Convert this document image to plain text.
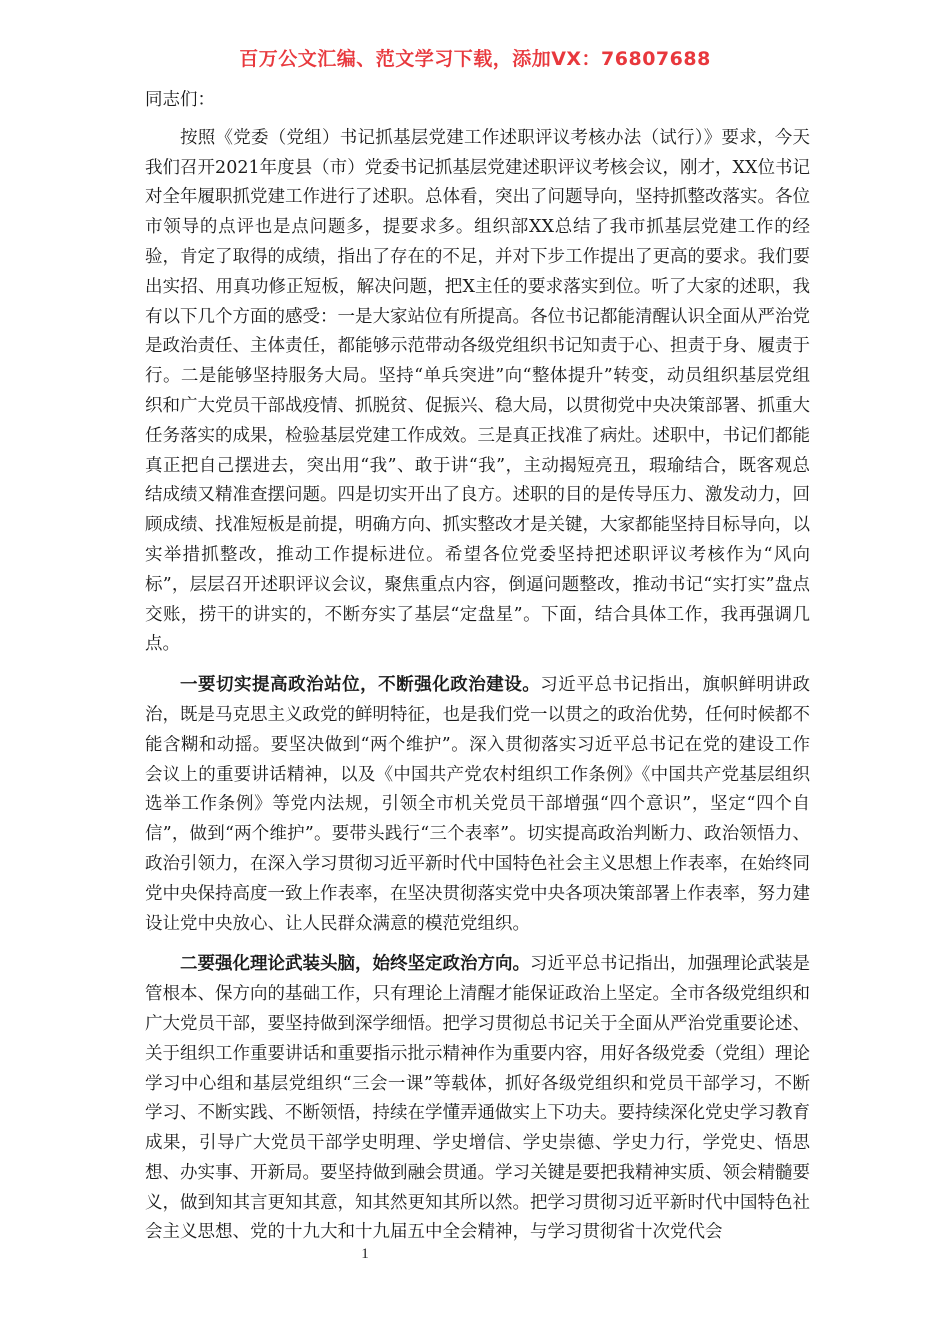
百万公文汇编、范文学习下载，添加VX：76807688

同志们：

按照《党委（党组）书记抓基层党建工作述职评议考核办法（试行）》要求，今天我们召开2021年度县（市）党委书记抓基层党建述职评议考核会议，刚才，XX位书记对全年履职抓党建工作进行了述职。总体看，突出了问题导向，坚持抓整改落实。各位市领导的点评也是点问题多，提要求多。组织部XX总结了我市抓基层党建工作的经验，肯定了取得的成绩，指出了存在的不足，并对下步工作提出了更高的要求。我们要出实招、用真功修正短板，解决问题，把X主任的要求落实到位。听了大家的述职，我有以下几个方面的感受：一是大家站位有所提高。各位书记都能清醒认识全面从严治党是政治责任、主体责任，都能够示范带动各级党组织书记知责于心、担责于身、履责于行。二是能够坚持服务大局。坚持“单兵突进”向“整体提升”转变，动员组织基层党组织和广大党员干部战疫情、抓脱贫、促振兴、稳大局，以贯彻党中央决策部署、抓重大任务落实的成果，检验基层党建工作成效。三是真正找准了病灶。述职中，书记们都能真正把自己摆进去，突出用“我”、敢于讲“我”，主动揭短亮丑，瑕瑜结合，既客观总结成绩又精准查摆问题。四是切实开出了良方。述职的目的是传导压力、激发动力，回顾成绩、找准短板是前提，明确方向、抓实整改才是关键，大家都能坚持目标导向，以实举措抓整改，推动工作提标进位。希望各位党委坚持把述职评议考核作为“风向标”，层层召开述职评议会议，聚焦重点内容，倒逼问题整改，推动书记“实打实”盘点交账，捞干的讲实的，不断夯实了基层“定盘星”。下面，结合具体工作，我再强调几点。

一要切实提高政治站位，不断强化政治建设。习近平总书记指出，旗帜鲜明讲政治，既是马克思主义政党的鲜明特征，也是我们党一以贯之的政治优势，任何时候都不能含糊和动摇。要坚决做到“两个维护”。深入贯彻落实习近平总书记在党的建设工作会议上的重要讲话精神，以及《中国共产党农村组织工作条例》《中国共产党基层组织选举工作条例》等党内法规，引领全市机关党员干部增强“四个意识”，坚定“四个自信”，做到“两个维护”。要带头践行“三个表率”。切实提高政治判断力、政治领悟力、政治引领力，在深入学习贯彻习近平新时代中国特色社会主义思想上作表率，在始终同党中央保持高度一致上作表率，在坚决贯彻落实党中央各项决策部署上作表率，努力建设让党中央放心、让人民群众满意的模范党组织。

二要强化理论武装头脑，始终坚定政治方向。习近平总书记指出，加强理论武装是管根本、保方向的基础工作，只有理论上清醒才能保证政治上坚定。全市各级党组织和广大党员干部，要坚持做到深学细悟。把学习贯彻总书记关于全面从严治党重要论述、关于组织工作重要讲话和重要指示批示精神作为重要内容，用好各级党委（党组）理论学习中心组和基层党组织“三会一课”等载体，抓好各级党组织和党员干部学习，不断学习、不断实践、不断领悟，持续在学懂弄通做实上下功夫。要持续深化党史学习教育成果，引导广大党员干部学史明理、学史增信、学史崇德、学史力行，学党史、悟思想、办实事、开新局。要坚持做到融会贯通。学习关键是要把我精神实质、领会精髓要义，做到知其言更知其意，知其然更知其所以然。把学习贯彻习近平新时代中国特色社会主义思想、党的十九大和十九届五中全会精神，与学习贯彻省十次党代会

1
